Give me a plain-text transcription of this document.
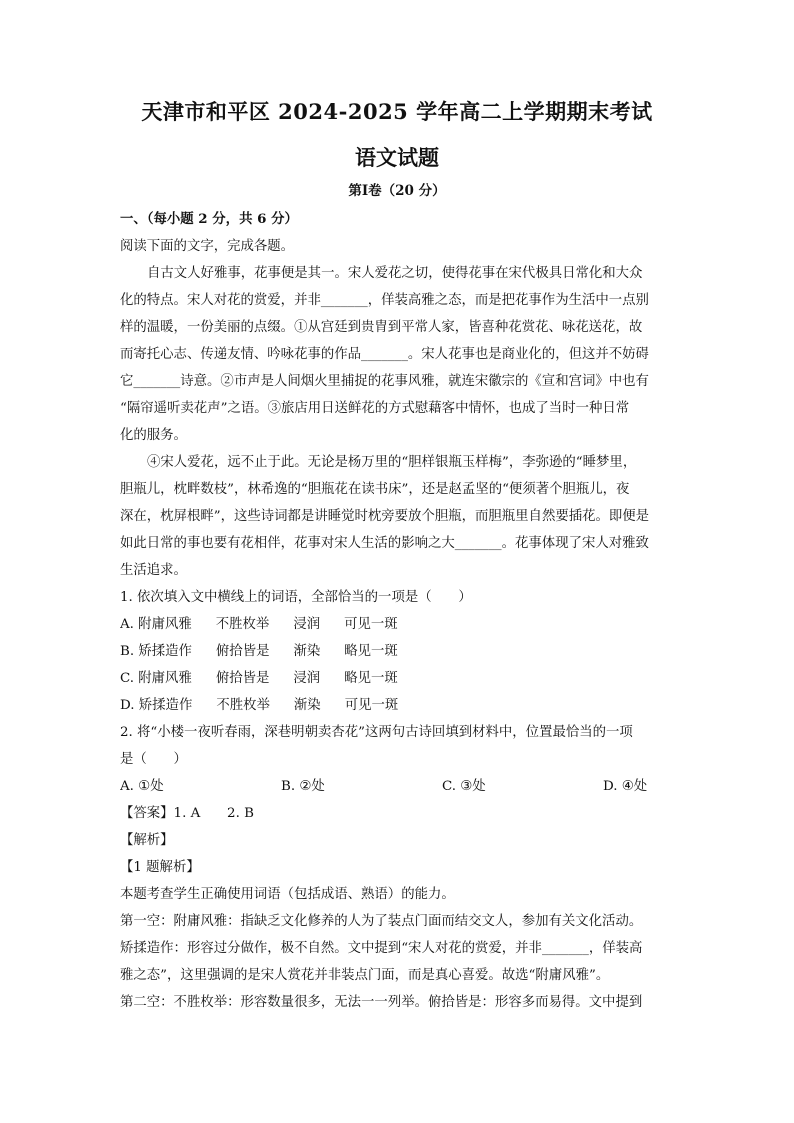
天津市和平区 2024-2025 学年高二上学期期末考试
语文试题
第Ⅰ卷（20 分）
一、（每小题 2 分，共 6 分）
阅读下面的文字，完成各题。
自古文人好雅事，花事便是其一。宋人爱花之切，使得花事在宋代极具日常化和大众
化的特点。宋人对花的赏爱，并非_______，佯装高雅之态，而是把花事作为生活中一点别
样的温暖，一份美丽的点缀。①从宫廷到贵胄到平常人家，皆喜种花赏花、咏花送花，故
而寄托心志、传递友情、吟咏花事的作品_______。宋人花事也是商业化的，但这并不妨碍
它_______诗意。②市声是人间烟火里捕捉的花事风雅，就连宋徽宗的《宣和宫词》中也有
“隔帘遥听卖花声”之语。③旅店用日送鲜花的方式慰藉客中情怀，也成了当时一种日常
化的服务。
④宋人爱花，远不止于此。无论是杨万里的“胆样银瓶玉样梅”，李弥逊的“睡梦里，
胆瓶儿，枕畔数枝”，林希逸的“胆瓶花在读书床”，还是赵孟坚的“便须著个胆瓶儿，夜
深在，枕屏根畔”，这些诗词都是讲睡觉时枕旁要放个胆瓶，而胆瓶里自然要插花。即便是
如此日常的事也要有花相伴，花事对宋人生活的影响之大_______。花事体现了宋人对雅致
生活追求。
1. 依次填入文中横线上的词语，全部恰当的一项是（　　）
A. 附庸风雅 不胜枚举 浸润 可见一斑
B. 矫揉造作 俯拾皆是 渐染 略见一斑
C. 附庸风雅 俯拾皆是 浸润 略见一斑
D. 矫揉造作 不胜枚举 渐染 可见一斑
2. 将“小楼一夜听春雨，深巷明朝卖杏花”这两句古诗回填到材料中，位置最恰当的一项
是（　　）
A. ①处	B. ②处	C. ③处	D. ④处
【答案】1. A　　2. B
【解析】
【1 题解析】
本题考查学生正确使用词语（包括成语、熟语）的能力。
第一空：附庸风雅：指缺乏文化修养的人为了装点门面而结交文人，参加有关文化活动。
矫揉造作：形容过分做作，极不自然。文中提到“宋人对花的赏爱，并非_______，佯装高
雅之态”，这里强调的是宋人赏花并非装点门面，而是真心喜爱。故选“附庸风雅”。
第二空：不胜枚举：形容数量很多，无法一一列举。俯拾皆是：形容多而易得。文中提到
